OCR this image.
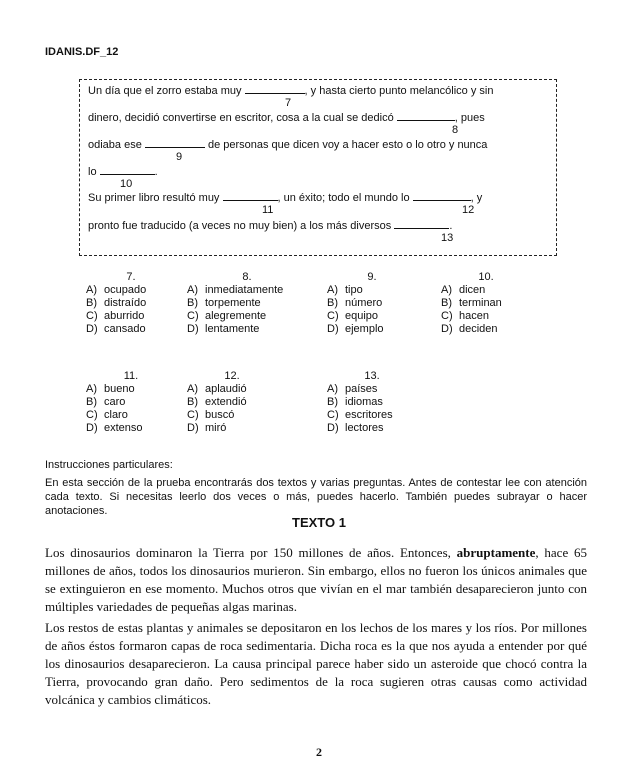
IDANIS.DF_12
Un día que el zorro estaba muy	, y hasta cierto punto melancólico y sin
7
dinero, decidió convertirse en escritor, cosa a la cual se dedicó	, pues
8
odiaba ese	de personas que dicen voy a hacer esto o lo otro y nunca
9
lo	.
10
Su primer libro resultó muy	, un éxito; todo el mundo lo	, y
11	12
pronto fue traducido (a veces no muy bien) a los más diversos	.
13
7.
A) ocupado
B) distraído
C) aburrido
D) cansado
8.
A) inmediatamente
B) torpemente
C) alegremente
D) lentamente
9.
A) tipo
B) número
C) equipo
D) ejemplo
10.
A) dicen
B) terminan
C) hacen
D) deciden
11.
A) bueno
B) caro
C) claro
D) extenso
12.
A) aplaudió
B) extendió
C) buscó
D) miró
13.
A) países
B) idiomas
C) escritores
D) lectores
Instrucciones particulares:
En esta sección de la prueba encontrarás dos textos y varias preguntas. Antes de contestar lee con atención cada texto. Si necesitas leerlo dos veces o más, puedes hacerlo. También puedes subrayar o hacer anotaciones.
TEXTO 1
Los dinosaurios dominaron la Tierra por 150 millones de años. Entonces, abruptamente, hace 65 millones de años, todos los dinosaurios murieron. Sin embargo, ellos no fueron los únicos animales que se extinguieron en ese momento. Muchos otros que vivían en el mar también desaparecieron junto con múltiples variedades de pequeñas algas marinas.
Los restos de estas plantas y animales se depositaron en los lechos de los mares y los ríos. Por millones de años éstos formaron capas de roca sedimentaria. Dicha roca es la que nos ayuda a entender por qué los dinosaurios desaparecieron. La causa principal parece haber sido un asteroide que chocó contra la Tierra, provocando gran daño. Pero sedimentos de la roca sugieren otras causas como actividad volcánica y cambios climáticos.
2
